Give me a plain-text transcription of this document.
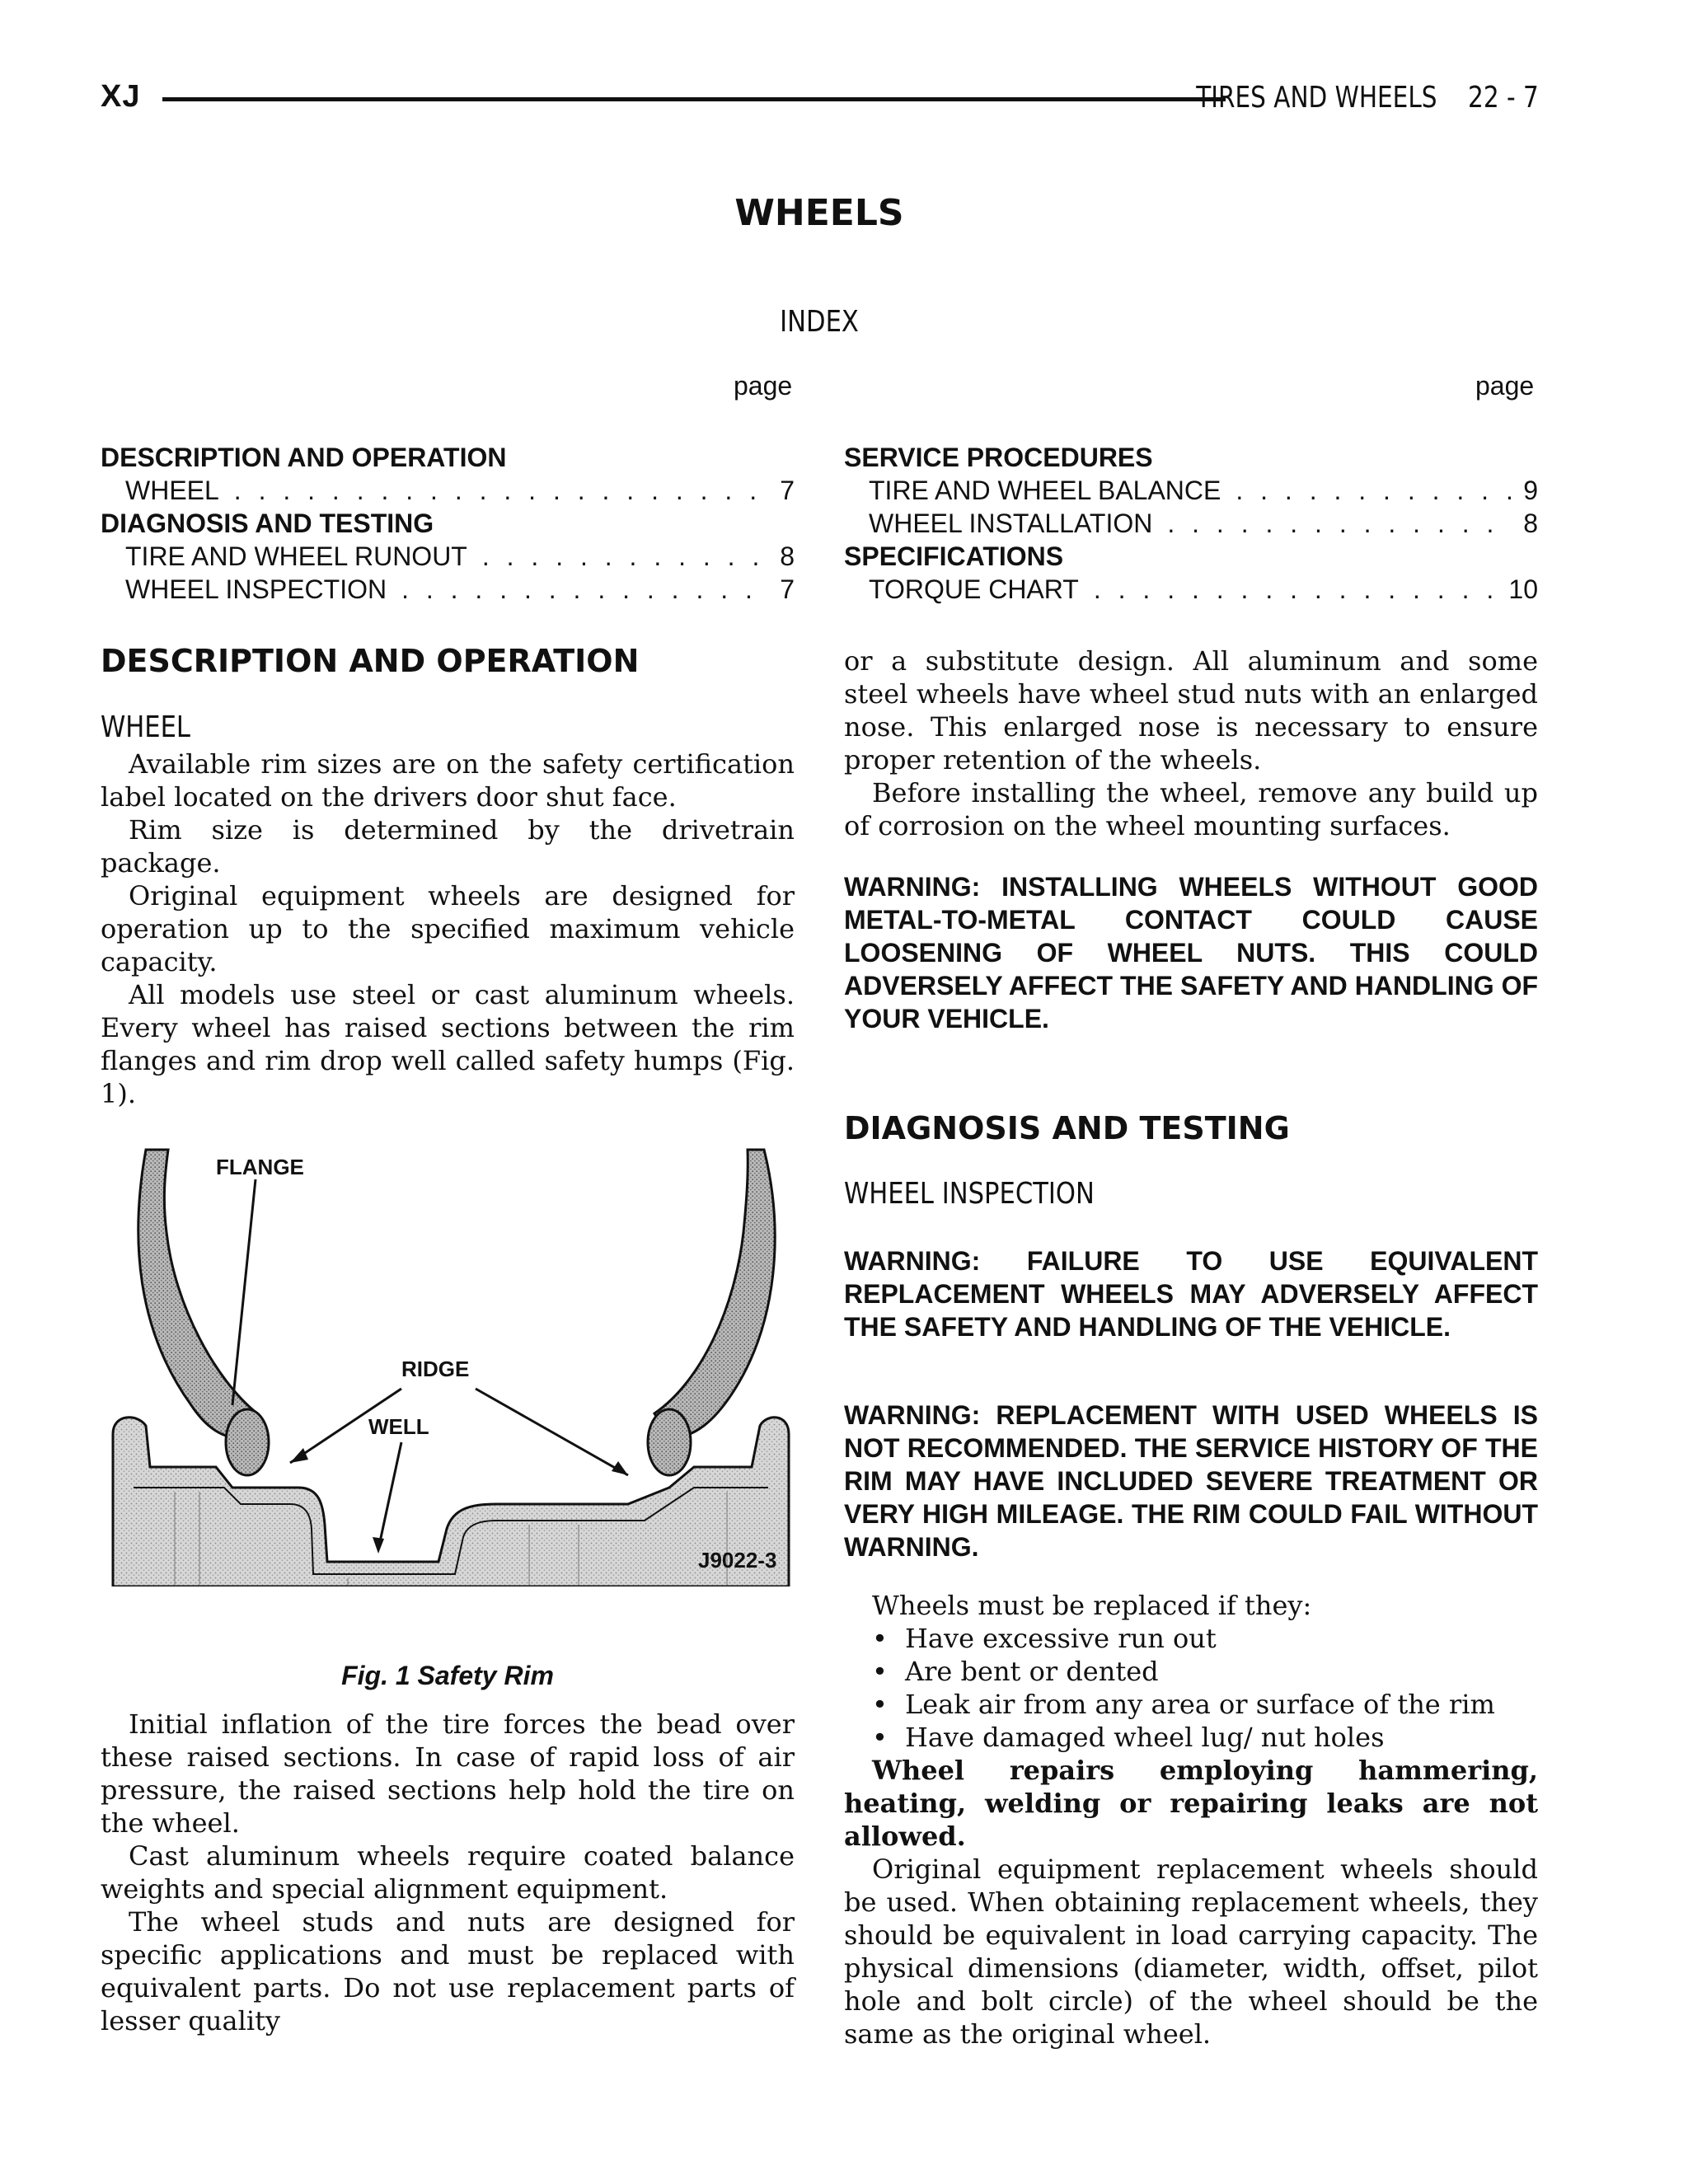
XJ	TIRES AND WHEELS    22 - 7
WHEELS
INDEX
page	page
DESCRIPTION AND OPERATION
WHEEL . . .	7
DIAGNOSIS AND TESTING
TIRE AND WHEEL RUNOUT . . .	8
WHEEL INSPECTION . . .	7
SERVICE PROCEDURES
TIRE AND WHEEL BALANCE . . .	9
WHEEL INSTALLATION . . .	8
SPECIFICATIONS
TORQUE CHART . . .	10
DESCRIPTION AND OPERATION
WHEEL

Available rim sizes are on the safety certification label located on the drivers door shut face.

Rim size is determined by the drivetrain package.

Original equipment wheels are designed for operation up to the specified maximum vehicle capacity.

All models use steel or cast aluminum wheels. Every wheel has raised sections between the rim flanges and rim drop well called safety humps (Fig. 1).

FLANGE
RIDGE
WELL
J9022-3
Fig. 1 Safety Rim

Initial inflation of the tire forces the bead over these raised sections. In case of rapid loss of air pressure, the raised sections help hold the tire on the wheel.

Cast aluminum wheels require coated balance weights and special alignment equipment.

The wheel studs and nuts are designed for specific applications and must be replaced with equivalent parts. Do not use replacement parts of lesser quality

or a substitute design. All aluminum and some steel wheels have wheel stud nuts with an enlarged nose. This enlarged nose is necessary to ensure proper retention of the wheels.

Before installing the wheel, remove any build up of corrosion on the wheel mounting surfaces.

WARNING: INSTALLING WHEELS WITHOUT GOOD METAL-TO-METAL CONTACT COULD CAUSE LOOSENING OF WHEEL NUTS. THIS COULD ADVERSELY AFFECT THE SAFETY AND HANDLING OF YOUR VEHICLE.
DIAGNOSIS AND TESTING
WHEEL INSPECTION
WARNING: FAILURE TO USE EQUIVALENT REPLACEMENT WHEELS MAY ADVERSELY AFFECT THE SAFETY AND HANDLING OF THE VEHICLE.
WARNING: REPLACEMENT WITH USED WHEELS IS NOT RECOMMENDED. THE SERVICE HISTORY OF THE RIM MAY HAVE INCLUDED SEVERE TREATMENT OR VERY HIGH MILEAGE. THE RIM COULD FAIL WITHOUT WARNING.

Wheels must be replaced if they:

• Have excessive run out
• Are bent or dented
• Leak air from any area or surface of the rim
• Have damaged wheel lug/ nut holes

Wheel repairs employing hammering, heating, welding or repairing leaks are not allowed.

Original equipment replacement wheels should be used. When obtaining replacement wheels, they should be equivalent in load carrying capacity. The physical dimensions (diameter, width, offset, pilot hole and bolt circle) of the wheel should be the same as the original wheel.
